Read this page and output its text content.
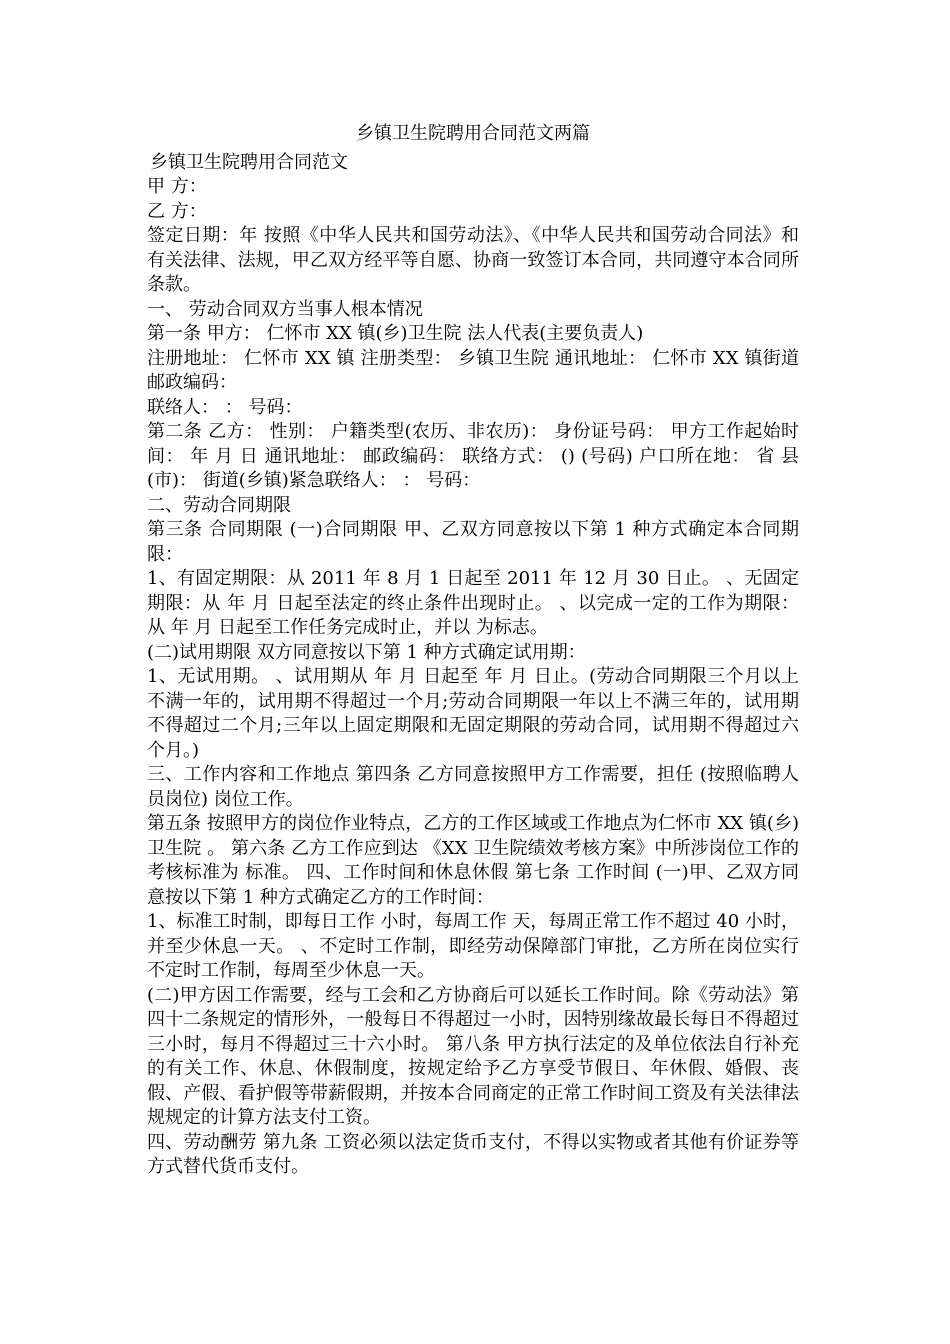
乡镇卫生院聘用合同范文两篇

乡镇卫生院聘用合同范文

甲 方：

乙 方：

签定日期：年 按照《中华人民共和国劳动法》、《中华人民共和国劳动合同法》和有关法律、法规，甲乙双方经平等自愿、协商一致签订本合同，共同遵守本合同所条款。

一、 劳动合同双方当事人根本情况

第一条 甲方： 仁怀市 XX 镇(乡)卫生院 法人代表(主要负责人)

注册地址： 仁怀市 XX 镇 注册类型： 乡镇卫生院 通讯地址： 仁怀市 XX 镇街道 邮政编码：

联络人： ： 号码：

第二条 乙方： 性别： 户籍类型(农历、非农历)： 身份证号码： 甲方工作起始时间： 年 月 日 通讯地址： 邮政编码： 联络方式： () (号码) 户口所在地： 省 县(市)： 街道(乡镇)紧急联络人： ： 号码：

二、劳动合同期限

第三条 合同期限 (一)合同期限 甲、乙双方同意按以下第 1 种方式确定本合同期限：

1、有固定期限：从 2011 年 8 月 1 日起至 2011 年 12 月 30 日止。 、无固定期限：从 年 月 日起至法定的终止条件出现时止。 、以完成一定的工作为期限：从 年 月 日起至工作任务完成时止，并以 为标志。

(二)试用期限 双方同意按以下第 1 种方式确定试用期：

1、无试用期。 、试用期从 年 月 日起至 年 月 日止。(劳动合同期限三个月以上不满一年的，试用期不得超过一个月;劳动合同期限一年以上不满三年的，试用期不得超过二个月;三年以上固定期限和无固定期限的劳动合同，试用期不得超过六个月。)

三、工作内容和工作地点 第四条 乙方同意按照甲方工作需要，担任 (按照临聘人员岗位) 岗位工作。

第五条 按照甲方的岗位作业特点，乙方的工作区域或工作地点为仁怀市 XX 镇(乡)卫生院 。 第六条 乙方工作应到达 《XX 卫生院绩效考核方案》中所涉岗位工作的考核标准为 标准。 四、工作时间和休息休假 第七条 工作时间 (一)甲、乙双方同意按以下第 1 种方式确定乙方的工作时间：

1、标准工时制，即每日工作 小时，每周工作 天，每周正常工作不超过 40 小时，并至少休息一天。 、不定时工作制，即经劳动保障部门审批，乙方所在岗位实行不定时工作制，每周至少休息一天。

(二)甲方因工作需要，经与工会和乙方协商后可以延长工作时间。除《劳动法》第四十二条规定的情形外，一般每日不得超过一小时，因特别缘故最长每日不得超过三小时，每月不得超过三十六小时。 第八条 甲方执行法定的及单位依法自行补充的有关工作、休息、休假制度，按规定给予乙方享受节假日、年休假、婚假、丧假、产假、看护假等带薪假期，并按本合同商定的正常工作时间工资及有关法律法规规定的计算方法支付工资。

四、劳动酬劳 第九条 工资必须以法定货币支付，不得以实物或者其他有价证券等方式替代货币支付。
